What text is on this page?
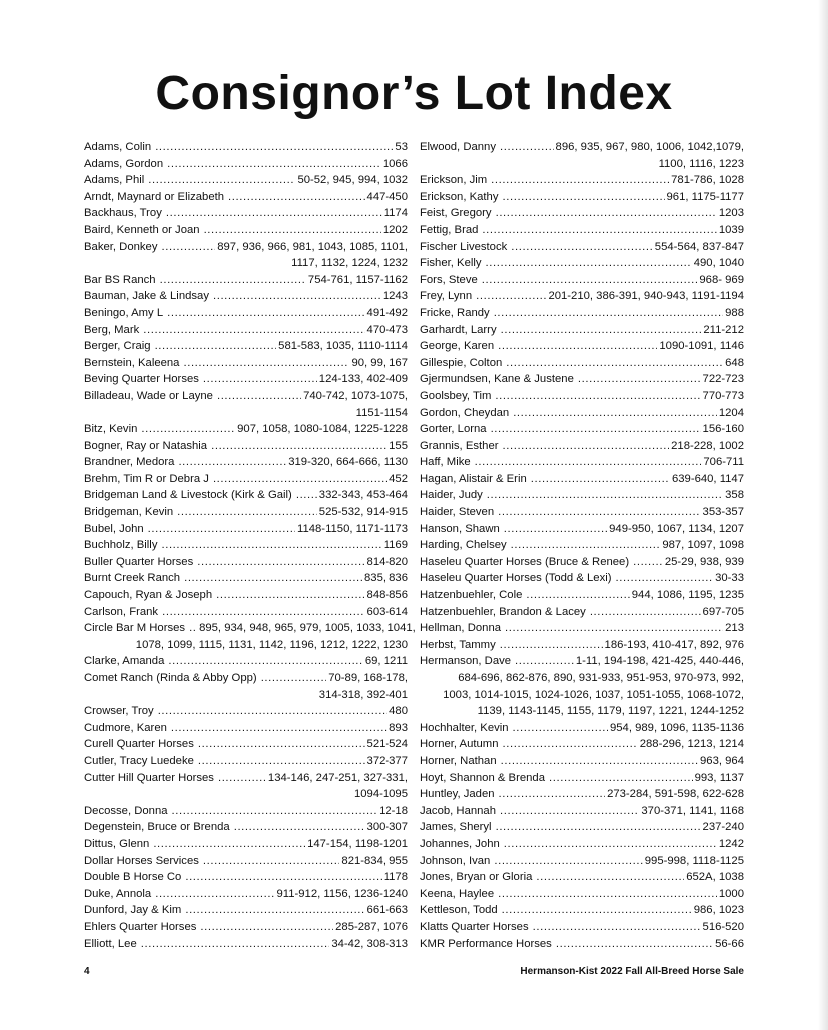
Consignor’s Lot Index
Adams, Colin .....	53
Adams, Gordon .....	1066
Adams, Phil .....	50-52, 945, 994, 1032
Arndt, Maynard or Elizabeth .....	447-450
Backhaus, Troy .....	1174
Baird, Kenneth or Joan .....	1202
Baker, Donkey .....	897, 936, 966, 981, 1043, 1085, 1101,
1117, 1132, 1224, 1232
Bar BS Ranch .....	754-761, 1157-1162
Bauman, Jake & Lindsay .....	1243
Beningo, Amy L .....	491-492
Berg, Mark .....	470-473
Berger, Craig .....	581-583, 1035, 1110-1114
Bernstein, Kaleena .....	90, 99, 167
Beving Quarter Horses .....	124-133, 402-409
Billadeau, Wade or Layne .....	740-742, 1073-1075,
1151-1154
Bitz, Kevin .....	907, 1058, 1080-1084, 1225-1228
Bogner, Ray or Natashia .....	155
Brandner, Medora .....	319-320, 664-666, 1130
Brehm, Tim R or Debra J .....	452
Bridgeman Land & Livestock (Kirk & Gail) ..... 332-343, 453-464
Bridgeman, Kevin .....	525-532, 914-915
Bubel, John .....	1148-1150, 1171-1173
Buchholz, Billy .....	1169
Buller Quarter Horses .....	814-820
Burnt Creek Ranch .....	835, 836
Capouch, Ryan & Joseph .....	848-856
Carlson, Frank .....	603-614
Circle Bar M Horses ..... 895, 934, 948, 965, 979, 1005, 1033, 1041,
1078, 1099, 1115, 1131, 1142, 1196, 1212, 1222, 1230
Clarke, Amanda .....	69, 1211
Comet Ranch (Rinda & Abby Opp) .....	70-89, 168-178,
314-318, 392-401
Crowser, Troy .....	480
Cudmore, Karen .....	893
Curell Quarter Horses .....	521-524
Cutler, Tracy Luedeke .....	372-377
Cutter Hill Quarter Horses .....	134-146, 247-251, 327-331,
1094-1095
Decosse, Donna .....	12-18
Degenstein, Bruce or Brenda .....	300-307
Dittus, Glenn .....	147-154, 1198-1201
Dollar Horses Services .....	821-834, 955
Double B Horse Co .....	1178
Duke, Annola .....	911-912, 1156, 1236-1240
Dunford, Jay & Kim .....	661-663
Ehlers Quarter Horses .....	285-287, 1076
Elliott, Lee .....	34-42, 308-313
Elwood, Danny .....	896, 935, 967, 980, 1006, 1042,1079,
1100, 1116, 1223
Erickson, Jim .....	781-786, 1028
Erickson, Kathy .....	961, 1175-1177
Feist, Gregory .....	1203
Fettig, Brad .....	1039
Fischer Livestock .....	554-564, 837-847
Fisher, Kelly .....	490, 1040
Fors, Steve .....	968- 969
Frey, Lynn .....	201-210, 386-391, 940-943, 1191-1194
Fricke, Randy .....	988
Garhardt, Larry .....	211-212
George, Karen .....	1090-1091, 1146
Gillespie, Colton .....	648
Gjermundsen, Kane & Justene .....	722-723
Goolsbey, Tim .....	770-773
Gordon, Cheydan .....	1204
Gorter, Lorna .....	156-160
Grannis, Esther .....	218-228, 1002
Haff, Mike .....	706-711
Hagan, Alistair & Erin .....	639-640, 1147
Haider, Judy .....	358
Haider, Steven .....	353-357
Hanson, Shawn .....	949-950, 1067, 1134, 1207
Harding, Chelsey .....	987, 1097, 1098
Haseleu Quarter Horses (Bruce & Renee) .....	25-29, 938, 939
Haseleu Quarter Horses (Todd & Lexi) .....	30-33
Hatzenbuehler, Cole .....	944, 1086, 1195, 1235
Hatzenbuehler, Brandon & Lacey .....	697-705
Hellman, Donna .....	213
Herbst, Tammy .....	186-193, 410-417, 892, 976
Hermanson, Dave .....	1-11, 194-198, 421-425, 440-446,
684-696, 862-876, 890, 931-933, 951-953, 970-973, 992,
1003, 1014-1015, 1024-1026, 1037, 1051-1055, 1068-1072,
1139, 1143-1145, 1155, 1179, 1197, 1221, 1244-1252
Hochhalter, Kevin .....	954, 989, 1096, 1135-1136
Horner, Autumn .....	288-296, 1213, 1214
Horner, Nathan .....	963, 964
Hoyt, Shannon & Brenda .....	993, 1137
Huntley, Jaden .....	273-284, 591-598, 622-628
Jacob, Hannah .....	370-371, 1141, 1168
James, Sheryl .....	237-240
Johannes, John .....	1242
Johnson, Ivan .....	995-998, 1118-1125
Jones, Bryan or Gloria .....	652A, 1038
Keena, Haylee .....	1000
Kettleson, Todd .....	986, 1023
Klatts Quarter Horses .....	516-520
KMR Performance Horses .....	56-66
4	Hermanson-Kist 2022 Fall All-Breed Horse Sale
